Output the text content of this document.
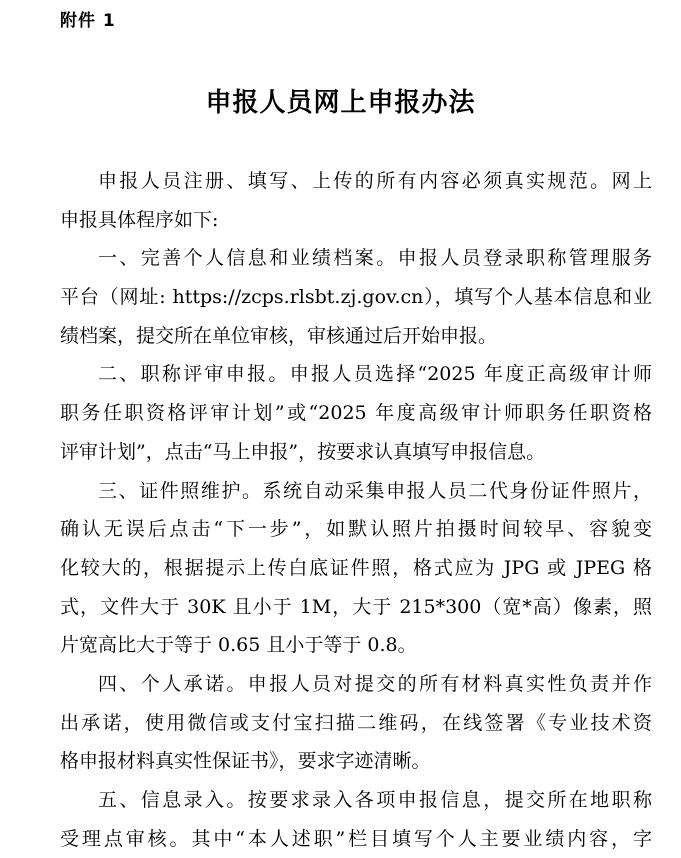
附件 1
申报人员网上申报办法
申报人员注册、填写、上传的所有内容必须真实规范。网上
申报具体程序如下:
一、完善个人信息和业绩档案。申报人员登录职称管理服务
平台（网址: https://zcps.rlsbt.zj.gov.cn），填写个人基本信息和业
绩档案，提交所在单位审核，审核通过后开始申报。
二、职称评审申报。申报人员选择“2025 年度正高级审计师
职务任职资格评审计划”或“2025 年度高级审计师职务任职资格
评审计划”，点击“马上申报”，按要求认真填写申报信息。
三、证件照维护。系统自动采集申报人员二代身份证件照片，
确认无误后点击“下一步”，如默认照片拍摄时间较早、容貌变
化较大的，根据提示上传白底证件照，格式应为 JPG 或 JPEG 格
式，文件大于 30K 且小于 1M，大于 215*300（宽*高）像素，照
片宽高比大于等于 0.65 且小于等于 0.8。
四、个人承诺。申报人员对提交的所有材料真实性负责并作
出承诺，使用微信或支付宝扫描二维码，在线签署《专业技术资
格申报材料真实性保证书》，要求字迹清晰。
五、信息录入。按要求录入各项申报信息，提交所在地职称
受理点审核。其中“本人述职”栏目填写个人主要业绩内容，字
